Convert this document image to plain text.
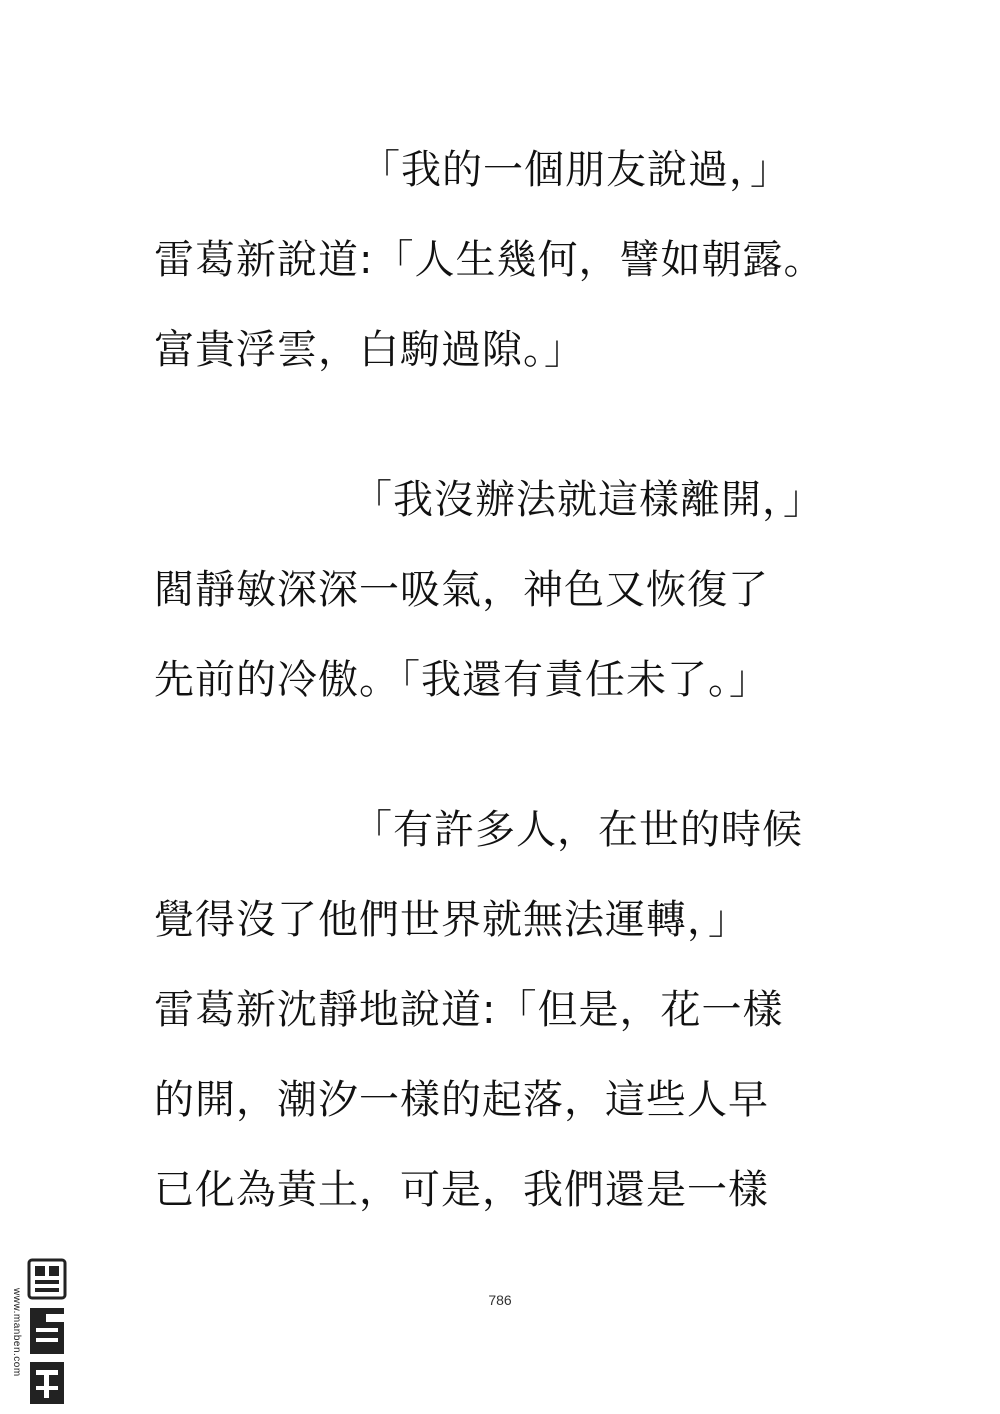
「我的一個朋友說過，」
雷葛新說道:「人生幾何，譬如朝露。
富貴浮雲，白駒過隙。」
「我沒辦法就這樣離開，」
閻靜敏深深一吸氣，神色又恢復了
先前的冷傲。「我還有責任未了。」
「有許多人，在世的時候
覺得沒了他們世界就無法運轉，」
雷葛新沈靜地說道:「但是，花一樣
的開，潮汐一樣的起落，這些人早
已化為黃土，可是，我們還是一樣
786
www.manben.com
